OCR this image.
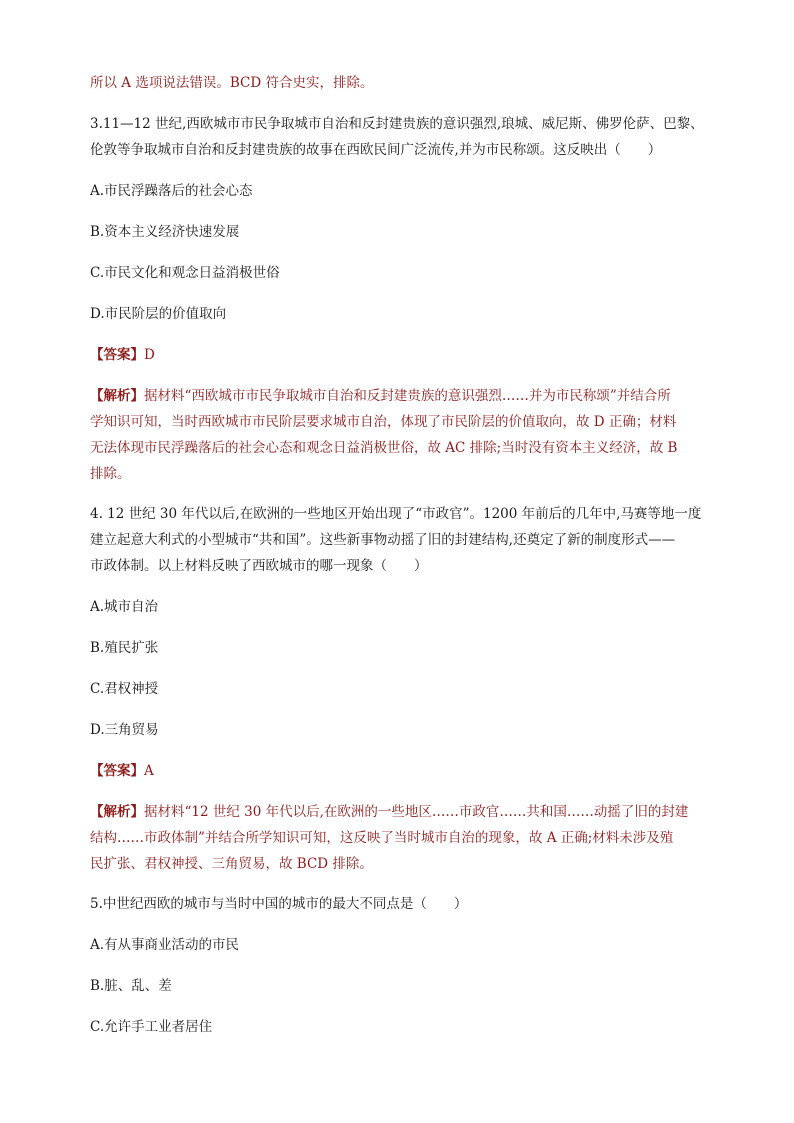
所以 A 选项说法错误。BCD 符合史实，排除。

3.11—12 世纪,西欧城市市民争取城市自治和反封建贵族的意识强烈,琅城、威尼斯、佛罗伦萨、巴黎、

伦敦等争取城市自治和反封建贵族的故事在西欧民间广泛流传,并为市民称颂。这反映出（　　）

A.市民浮躁落后的社会心态

B.资本主义经济快速发展

C.市民文化和观念日益消极世俗

D.市民阶层的价值取向

【答案】D

【解析】据材料“西欧城市市民争取城市自治和反封建贵族的意识强烈……并为市民称颂”并结合所

学知识可知，当时西欧城市市民阶层要求城市自治，体现了市民阶层的价值取向，故 D 正确；材料

无法体现市民浮躁落后的社会心态和观念日益消极世俗，故 AC 排除;当时没有资本主义经济，故 B

排除。

4. 12 世纪 30 年代以后,在欧洲的一些地区开始出现了“市政官”。1200 年前后的几年中,马赛等地一度

建立起意大利式的小型城市“共和国”。这些新事物动摇了旧的封建结构,还奠定了新的制度形式——

市政体制。以上材料反映了西欧城市的哪一现象（　　）

A.城市自治

B.殖民扩张

C.君权神授

D.三角贸易

【答案】A

【解析】据材料“12 世纪 30 年代以后,在欧洲的一些地区……市政官……共和国……动摇了旧的封建

结构……市政体制”并结合所学知识可知，这反映了当时城市自治的现象，故 A 正确;材料未涉及殖

民扩张、君权神授、三角贸易，故 BCD 排除。

5.中世纪西欧的城市与当时中国的城市的最大不同点是（　　）

A.有从事商业活动的市民

B.脏、乱、差

C.允许手工业者居住
